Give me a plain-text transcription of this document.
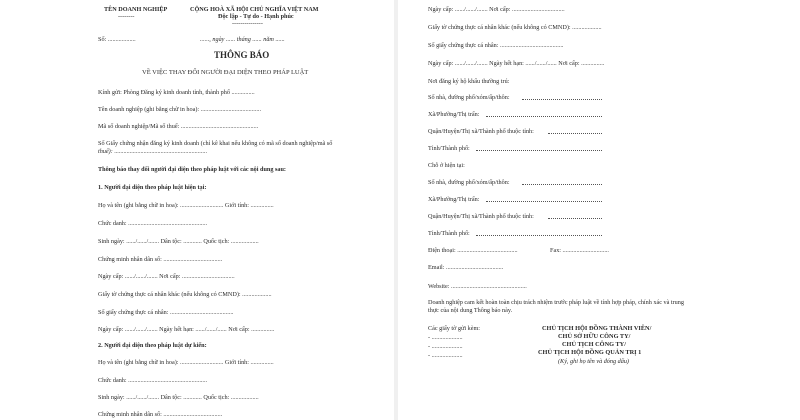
TÊN DOANH NGHIỆP
--------
CỘNG HOÀ XÃ HỘI CHỦ NGHĨA VIỆT NAM
Độc lập - Tự do - Hạnh phúc
---------------
Số: ..................	......, ngày ...... tháng ...... năm ......
THÔNG BÁO
VỀ VIỆC THAY ĐỔI NGƯỜI ĐẠI DIỆN THEO PHÁP LUẬT
Kính gửi: Phòng Đăng ký kinh doanh tỉnh, thành phố ...............
Tên doanh nghiệp (ghi bằng chữ in hoa): .......................................
Mã số doanh nghiệp/Mã số thuế: ..................................................
Số Giấy chứng nhận đăng ký kinh doanh (chỉ kê khai nếu không có mã số doanh nghiệp/mã số
thuế): ............................................................
Thông báo thay đổi người đại diện theo pháp luật với các nội dung sau:
1. Người đại diện theo pháp luật hiện tại:
Họ và tên (ghi bằng chữ in hoa): ............................ Giới tính: ...............
Chức danh: ...................................................
Sinh ngày: ....../....../....... Dân tộc: ............ Quốc tịch: ..................
Chứng minh nhân dân số: ......................................
Ngày cấp: ....../....../....... Nơi cấp: ..................................
Giấy tờ chứng thực cá nhân khác (nếu không có CMND): ...................
Số giấy chứng thực cá nhân: .........................................
Ngày cấp: ....../....../....... Ngày hết hạn: ....../....../...... Nơi cấp: ...............
2. Người đại diện theo pháp luật dự kiến:
Họ và tên (ghi bằng chữ in hoa): ............................ Giới tính: ...............
Chức danh: ...................................................
Sinh ngày: ....../....../....... Dân tộc: ............ Quốc tịch: ..................
Chứng minh nhân dân số: ......................................
Ngày cấp: ....../....../....... Nơi cấp: ..................................
Giấy tờ chứng thực cá nhân khác (nếu không có CMND): ...................
Số giấy chứng thực cá nhân: .........................................
Ngày cấp: ....../....../....... Ngày hết hạn: ....../....../...... Nơi cấp: ...............
Nơi đăng ký hộ khẩu thường trú:
Số nhà, đường phố/xóm/ấp/thôn:
Xã/Phường/Thị trấn:
Quận/Huyện/Thị xã/Thành phố thuộc tỉnh:
Tỉnh/Thành phố:
Chỗ ở hiện tại:
Số nhà, đường phố/xóm/ấp/thôn:
Xã/Phường/Thị trấn:
Quận/Huyện/Thị xã/Thành phố thuộc tỉnh:
Tỉnh/Thành phố:
Điện thoại: .......................................	Fax: ..............................
Email: .....................................
Website: .................................................
Doanh nghiệp cam kết hoàn toàn chịu trách nhiệm trước pháp luật về tính hợp pháp, chính xác và trung
thực của nội dung Thông báo này.
Các giấy tờ gửi kèm:
- ....................
- ....................
- ....................
CHỦ TỊCH HỘI ĐỒNG THÀNH VIÊN/
CHỦ SỞ HỮU CÔNG TY/
CHỦ TỊCH CÔNG TY/
CHỦ TỊCH HỘI ĐỒNG QUẢN TRỊ 1
(Ký, ghi họ tên và đóng dấu)
